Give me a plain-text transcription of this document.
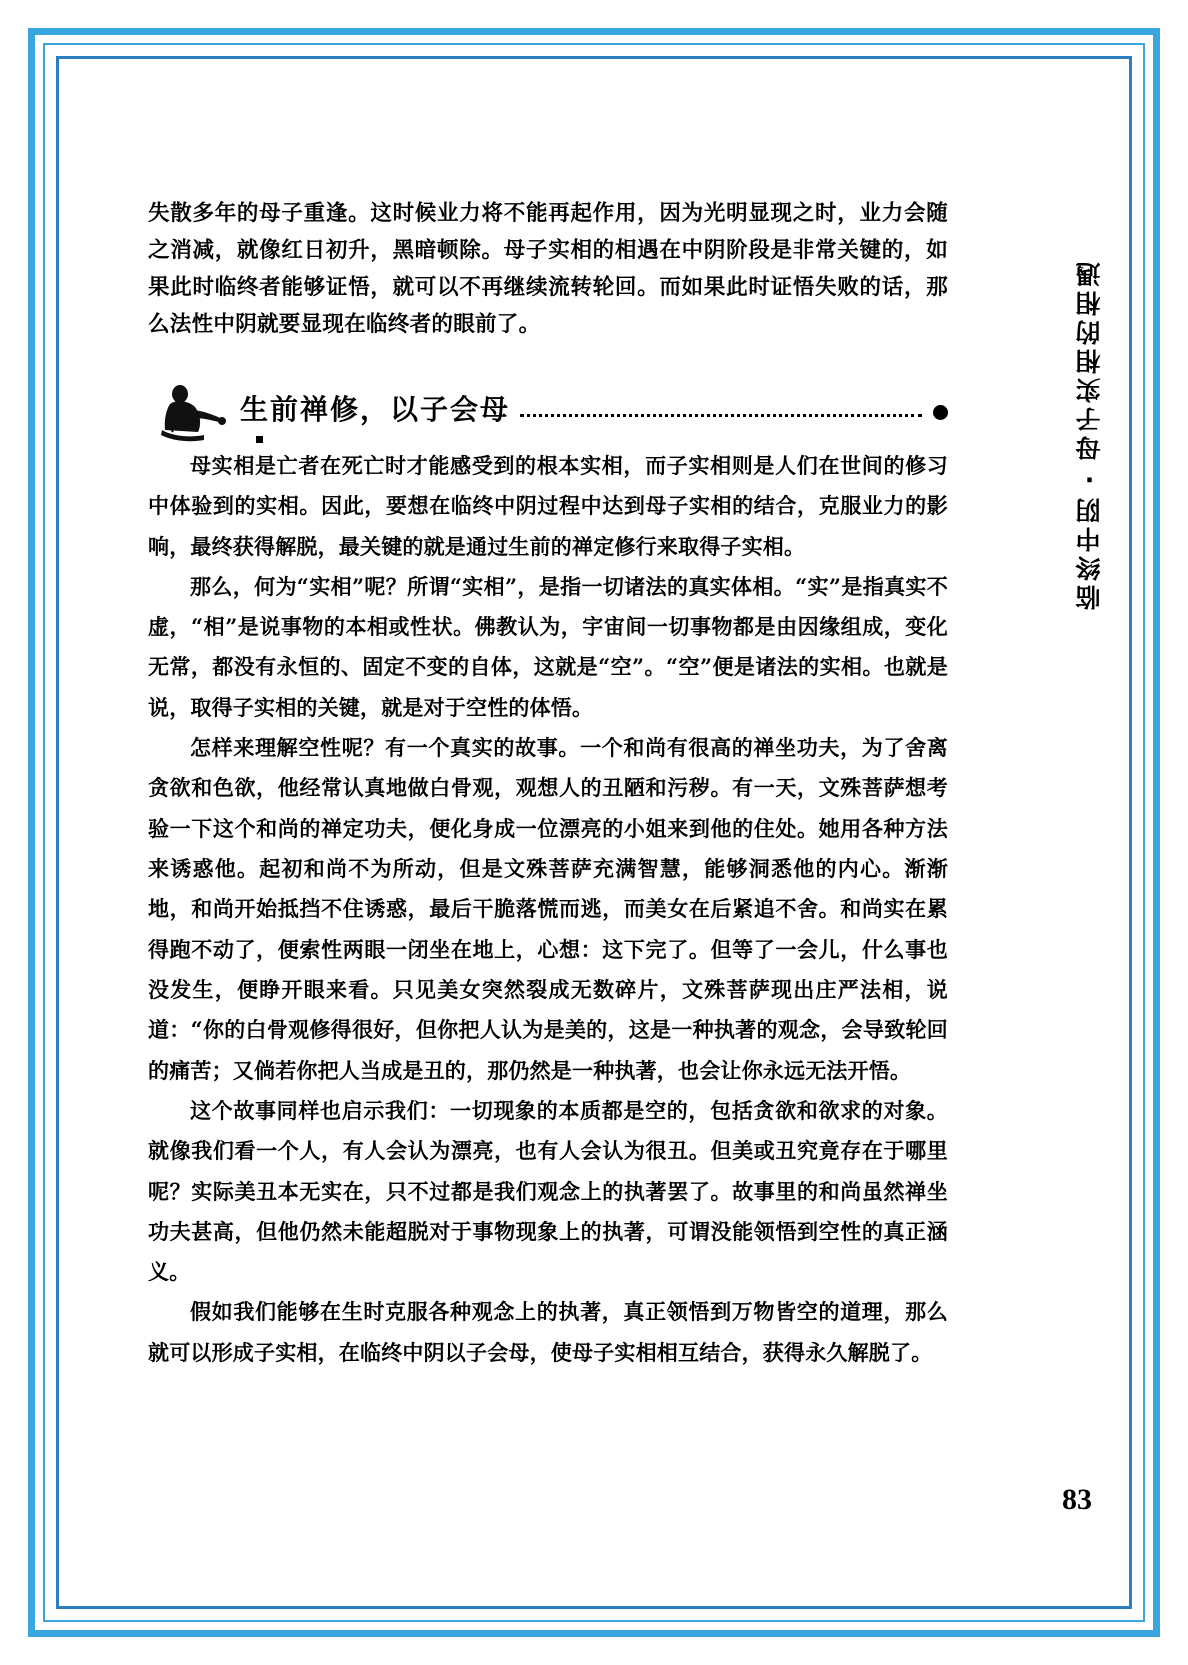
临终中阴·母子实相的相遇

失散多年的母子重逢。这时候业力将不能再起作用，因为光明显现之时，业力会随之消减，就像红日初升，黑暗顿除。母子实相的相遇在中阴阶段是非常关键的，如果此时临终者能够证悟，就可以不再继续流转轮回。而如果此时证悟失败的话，那么法性中阴就要显现在临终者的眼前了。

生前禅修，以子会母

母实相是亡者在死亡时才能感受到的根本实相，而子实相则是人们在世间的修习中体验到的实相。因此，要想在临终中阴过程中达到母子实相的结合，克服业力的影响，最终获得解脱，最关键的就是通过生前的禅定修行来取得子实相。

那么，何为“实相”呢？所谓“实相”，是指一切诸法的真实体相。“实”是指真实不虚，“相”是说事物的本相或性状。佛教认为，宇宙间一切事物都是由因缘组成，变化无常，都没有永恒的、固定不变的自体，这就是“空”。“空”便是诸法的实相。也就是说，取得子实相的关键，就是对于空性的体悟。

怎样来理解空性呢？有一个真实的故事。一个和尚有很高的禅坐功夫，为了舍离贪欲和色欲，他经常认真地做白骨观，观想人的丑陋和污秽。有一天，文殊菩萨想考验一下这个和尚的禅定功夫，便化身成一位漂亮的小姐来到他的住处。她用各种方法来诱惑他。起初和尚不为所动，但是文殊菩萨充满智慧，能够洞悉他的内心。渐渐地，和尚开始抵挡不住诱惑，最后干脆落慌而逃，而美女在后紧追不舍。和尚实在累得跑不动了，便索性两眼一闭坐在地上，心想：这下完了。但等了一会儿，什么事也没发生，便睁开眼来看。只见美女突然裂成无数碎片，文殊菩萨现出庄严法相，说道：“你的白骨观修得很好，但你把人认为是美的，这是一种执著的观念，会导致轮回的痛苦；又倘若你把人当成是丑的，那仍然是一种执著，也会让你永远无法开悟。

这个故事同样也启示我们：一切现象的本质都是空的，包括贪欲和欲求的对象。就像我们看一个人，有人会认为漂亮，也有人会认为很丑。但美或丑究竟存在于哪里呢？实际美丑本无实在，只不过都是我们观念上的执著罢了。故事里的和尚虽然禅坐功夫甚高，但他仍然未能超脱对于事物现象上的执著，可谓没能领悟到空性的真正涵义。

假如我们能够在生时克服各种观念上的执著，真正领悟到万物皆空的道理，那么就可以形成子实相，在临终中阴以子会母，使母子实相相互结合，获得永久解脱了。

83
